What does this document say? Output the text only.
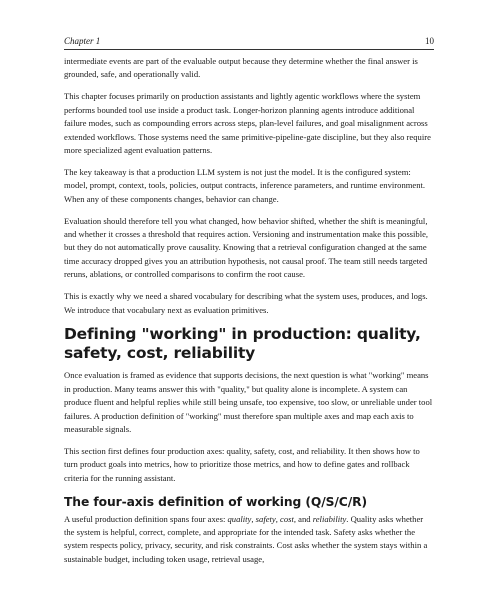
Chapter 1	10

intermediate events are part of the evaluable output because they determine whether the final answer is grounded, safe, and operationally valid.

This chapter focuses primarily on production assistants and lightly agentic workflows where the system performs bounded tool use inside a product task. Longer-horizon planning agents introduce additional failure modes, such as compounding errors across steps, plan-level failures, and goal misalignment across extended workflows. Those systems need the same primitive-pipeline-gate discipline, but they also require more specialized agent evaluation patterns.

The key takeaway is that a production LLM system is not just the model. It is the configured system: model, prompt, context, tools, policies, output contracts, inference parameters, and runtime environment. When any of these components changes, behavior can change.

Evaluation should therefore tell you what changed, how behavior shifted, whether the shift is meaningful, and whether it crosses a threshold that requires action. Versioning and instrumentation make this possible, but they do not automatically prove causality. Knowing that a retrieval configuration changed at the same time accuracy dropped gives you an attribution hypothesis, not causal proof. The team still needs targeted reruns, ablations, or controlled comparisons to confirm the root cause.

This is exactly why we need a shared vocabulary for describing what the system uses, produces, and logs. We introduce that vocabulary next as evaluation primitives.

Defining "working" in production: quality, safety, cost, reliability

Once evaluation is framed as evidence that supports decisions, the next question is what "working" means in production. Many teams answer this with "quality," but quality alone is incomplete. A system can produce fluent and helpful replies while still being unsafe, too expensive, too slow, or unreliable under tool failures. A production definition of "working" must therefore span multiple axes and map each axis to measurable signals.

This section first defines four production axes: quality, safety, cost, and reliability. It then shows how to turn product goals into metrics, how to prioritize those metrics, and how to define gates and rollback criteria for the running assistant.

The four-axis definition of working (Q/S/C/R)

A useful production definition spans four axes: quality, safety, cost, and reliability. Quality asks whether the system is helpful, correct, complete, and appropriate for the intended task. Safety asks whether the system respects policy, privacy, security, and risk constraints. Cost asks whether the system stays within a sustainable budget, including token usage, retrieval usage,
